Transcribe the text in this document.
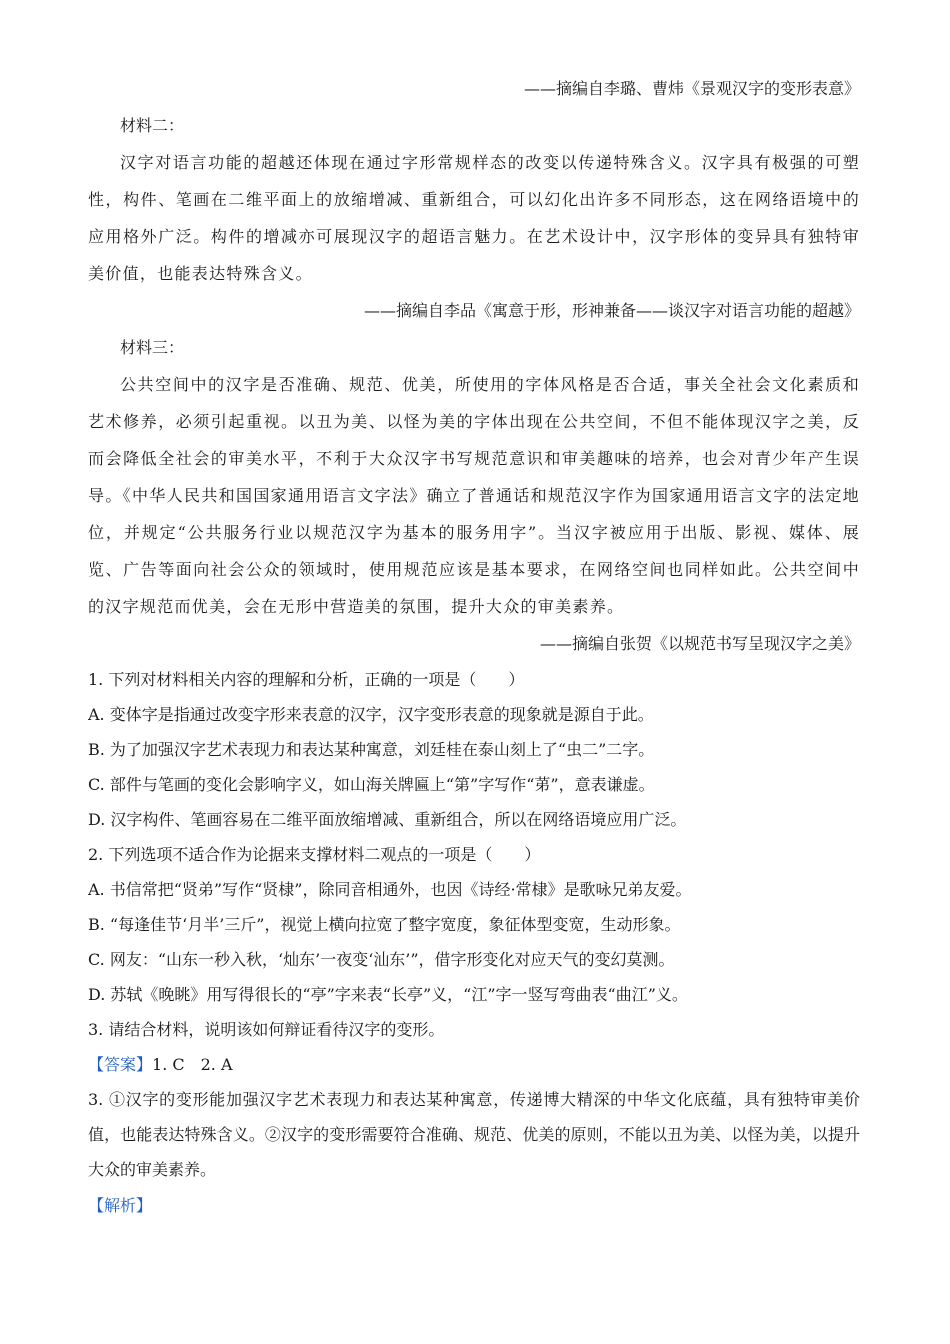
——摘编自李璐、曹炜《景观汉字的变形表意》
材料二：

汉字对语言功能的超越还体现在通过字形常规样态的改变以传递特殊含义。汉字具有极强的可塑性，构件、笔画在二维平面上的放缩增减、重新组合，可以幻化出许多不同形态，这在网络语境中的应用格外广泛。构件的增减亦可展现汉字的超语言魅力。在艺术设计中，汉字形体的变异具有独特审美价值，也能表达特殊含义。

——摘编自李品《寓意于形，形神兼备——谈汉字对语言功能的超越》
材料三：

公共空间中的汉字是否准确、规范、优美，所使用的字体风格是否合适，事关全社会文化素质和艺术修养，必须引起重视。以丑为美、以怪为美的字体出现在公共空间，不但不能体现汉字之美，反而会降低全社会的审美水平，不利于大众汉字书写规范意识和审美趣味的培养，也会对青少年产生误导。《中华人民共和国国家通用语言文字法》确立了普通话和规范汉字作为国家通用语言文字的法定地位，并规定“公共服务行业以规范汉字为基本的服务用字”。当汉字被应用于出版、影视、媒体、展览、广告等面向社会公众的领域时，使用规范应该是基本要求，在网络空间也同样如此。公共空间中的汉字规范而优美，会在无形中营造美的氛围，提升大众的审美素养。

——摘编自张贺《以规范书写呈现汉字之美》
1. 下列对材料相关内容的理解和分析，正确的一项是（　　）
A. 变体字是指通过改变字形来表意的汉字，汉字变形表意的现象就是源自于此。
B. 为了加强汉字艺术表现力和表达某种寓意，刘廷桂在泰山刻上了“虫二”二字。
C. 部件与笔画的变化会影响字义，如山海关牌匾上“第”字写作“苐”，意表谦虚。
D. 汉字构件、笔画容易在二维平面放缩增减、重新组合，所以在网络语境应用广泛。
2. 下列选项不适合作为论据来支撑材料二观点的一项是（　　）
A. 书信常把“贤弟”写作“贤棣”，除同音相通外，也因《诗经·常棣》是歌咏兄弟友爱。
B. “每逢佳节‘月半’三斤”，视觉上横向拉宽了整字宽度，象征体型变宽，生动形象。
C. 网友：“山东一秒入秋，‘灿东’一夜变‘汕东’”，借字形变化对应天气的变幻莫测。
D. 苏轼《晚眺》用写得很长的“亭”字来表“长亭”义，“江”字一竖写弯曲表“曲江”义。
3. 请结合材料，说明该如何辩证看待汉字的变形。
【答案】1. C　2. A

3. ①汉字的变形能加强汉字艺术表现力和表达某种寓意，传递博大精深的中华文化底蕴，具有独特审美价值，也能表达特殊含义。②汉字的变形需要符合准确、规范、优美的原则，不能以丑为美、以怪为美，以提升大众的审美素养。

【解析】
